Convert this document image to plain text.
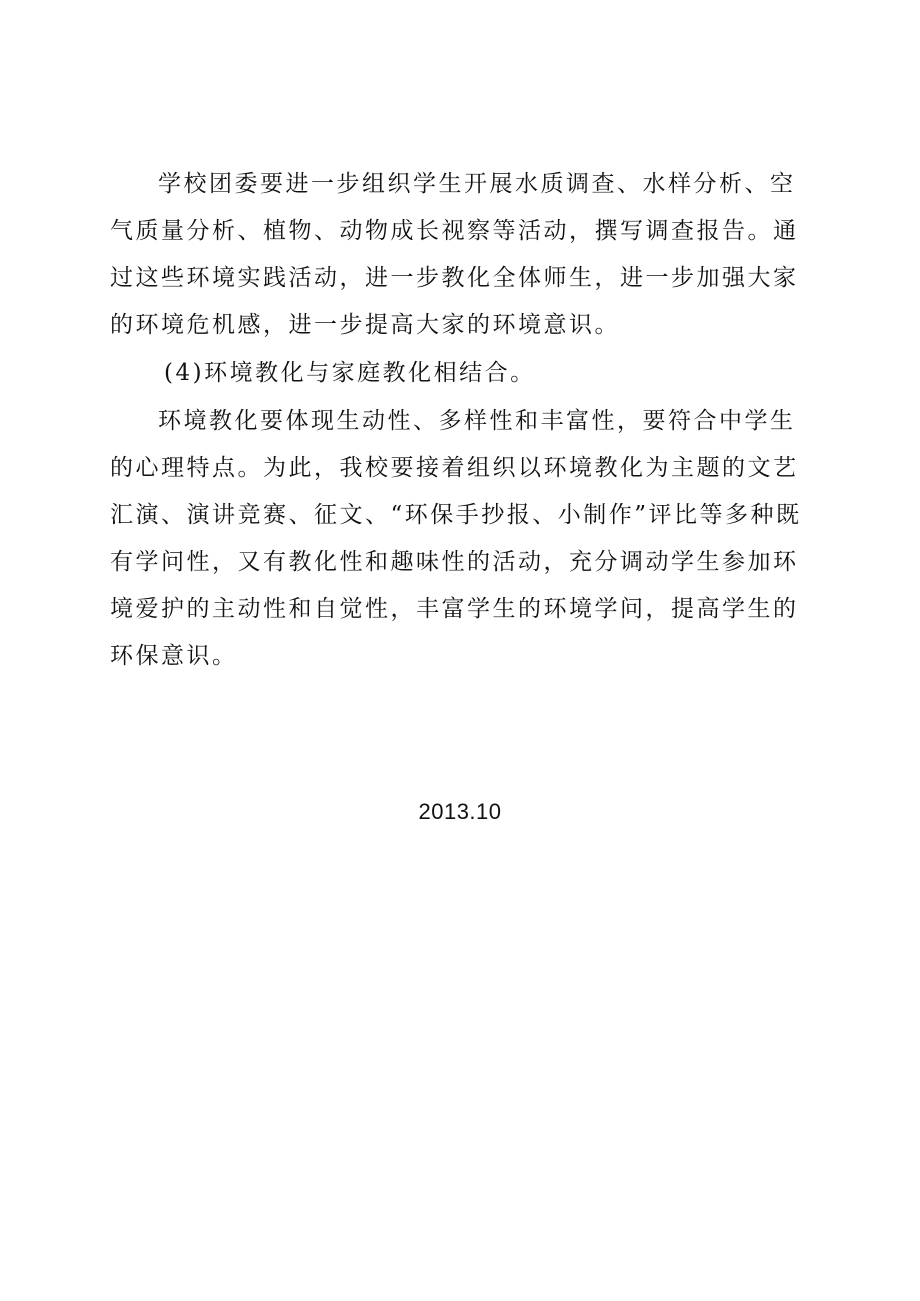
学校团委要进一步组织学生开展水质调查、水样分析、空气质量分析、植物、动物成长视察等活动，撰写调查报告。通过这些环境实践活动，进一步教化全体师生，进一步加强大家的环境危机感，进一步提高大家的环境意识。

(4)环境教化与家庭教化相结合。

环境教化要体现生动性、多样性和丰富性，要符合中学生的心理特点。为此，我校要接着组织以环境教化为主题的文艺汇演、演讲竞赛、征文、“环保手抄报、小制作”评比等多种既有学问性，又有教化性和趣味性的活动，充分调动学生参加环境爱护的主动性和自觉性，丰富学生的环境学问，提高学生的环保意识。

2013.10
